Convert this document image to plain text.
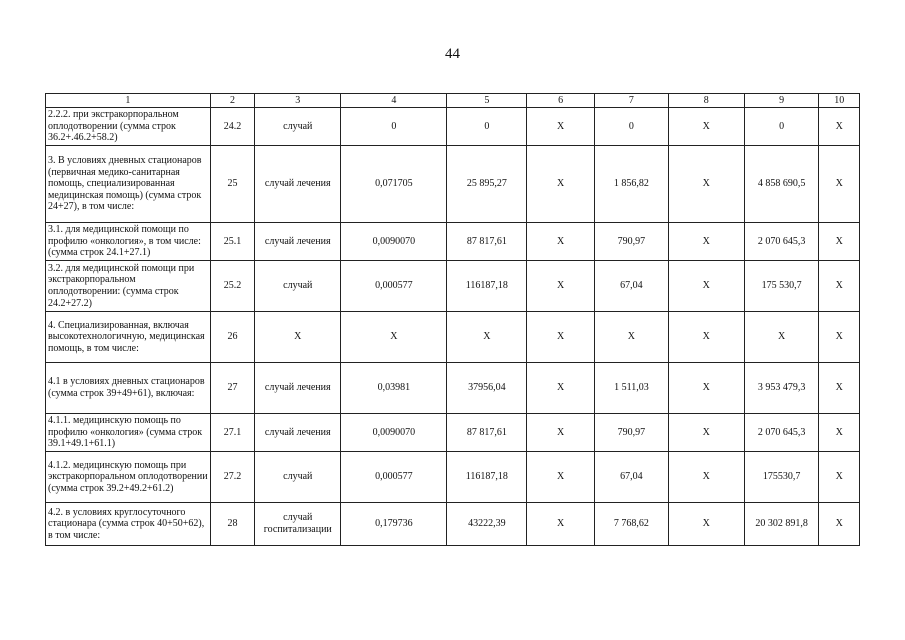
44
1	2	3	4	5	6	7	8	9	10
2.2.2. при экстракорпоральном оплодотворении (сумма строк 36.2+.46.2+58.2)	24.2	случай	0	0	X	0	X	0	X
3. В условиях дневных стационаров (первичная медико-санитарная помощь, специализированная медицинская помощь) (сумма строк 24+27), в том числе:	25	случай лечения	0,071705	25 895,27	X	1 856,82	X	4 858 690,5	X
3.1. для медицинской помощи по профилю «онкология», в том числе: (сумма строк 24.1+27.1)	25.1	случай лечения	0,0090070	87 817,61	X	790,97	X	2 070 645,3	X
3.2. для медицинской помощи при экстракорпоральном оплодотворении: (сумма строк 24.2+27.2)	25.2	случай	0,000577	116187,18	X	67,04	X	175 530,7	X
4. Специализированная, включая высокотехнологичную, медицинская помощь, в том числе:	26	X	X	X	X	X	X	X	X
4.1 в условиях дневных стационаров (сумма строк 39+49+61), включая:	27	случай лечения	0,03981	37956,04	X	1 511,03	X	3 953 479,3	X
4.1.1. медицинскую помощь по профилю «онкология» (сумма строк 39.1+49.1+61.1)	27.1	случай лечения	0,0090070	87 817,61	X	790,97	X	2 070 645,3	X
4.1.2. медицинскую помощь при экстракорпоральном оплодотворении (сумма строк 39.2+49.2+61.2)	27.2	случай	0,000577	116187,18	X	67,04	X	175530,7	X
4.2. в условиях круглосуточного стационара (сумма строк 40+50+62), в том числе:	28	случай госпитализации	0,179736	43222,39	X	7 768,62	X	20 302 891,8	X
